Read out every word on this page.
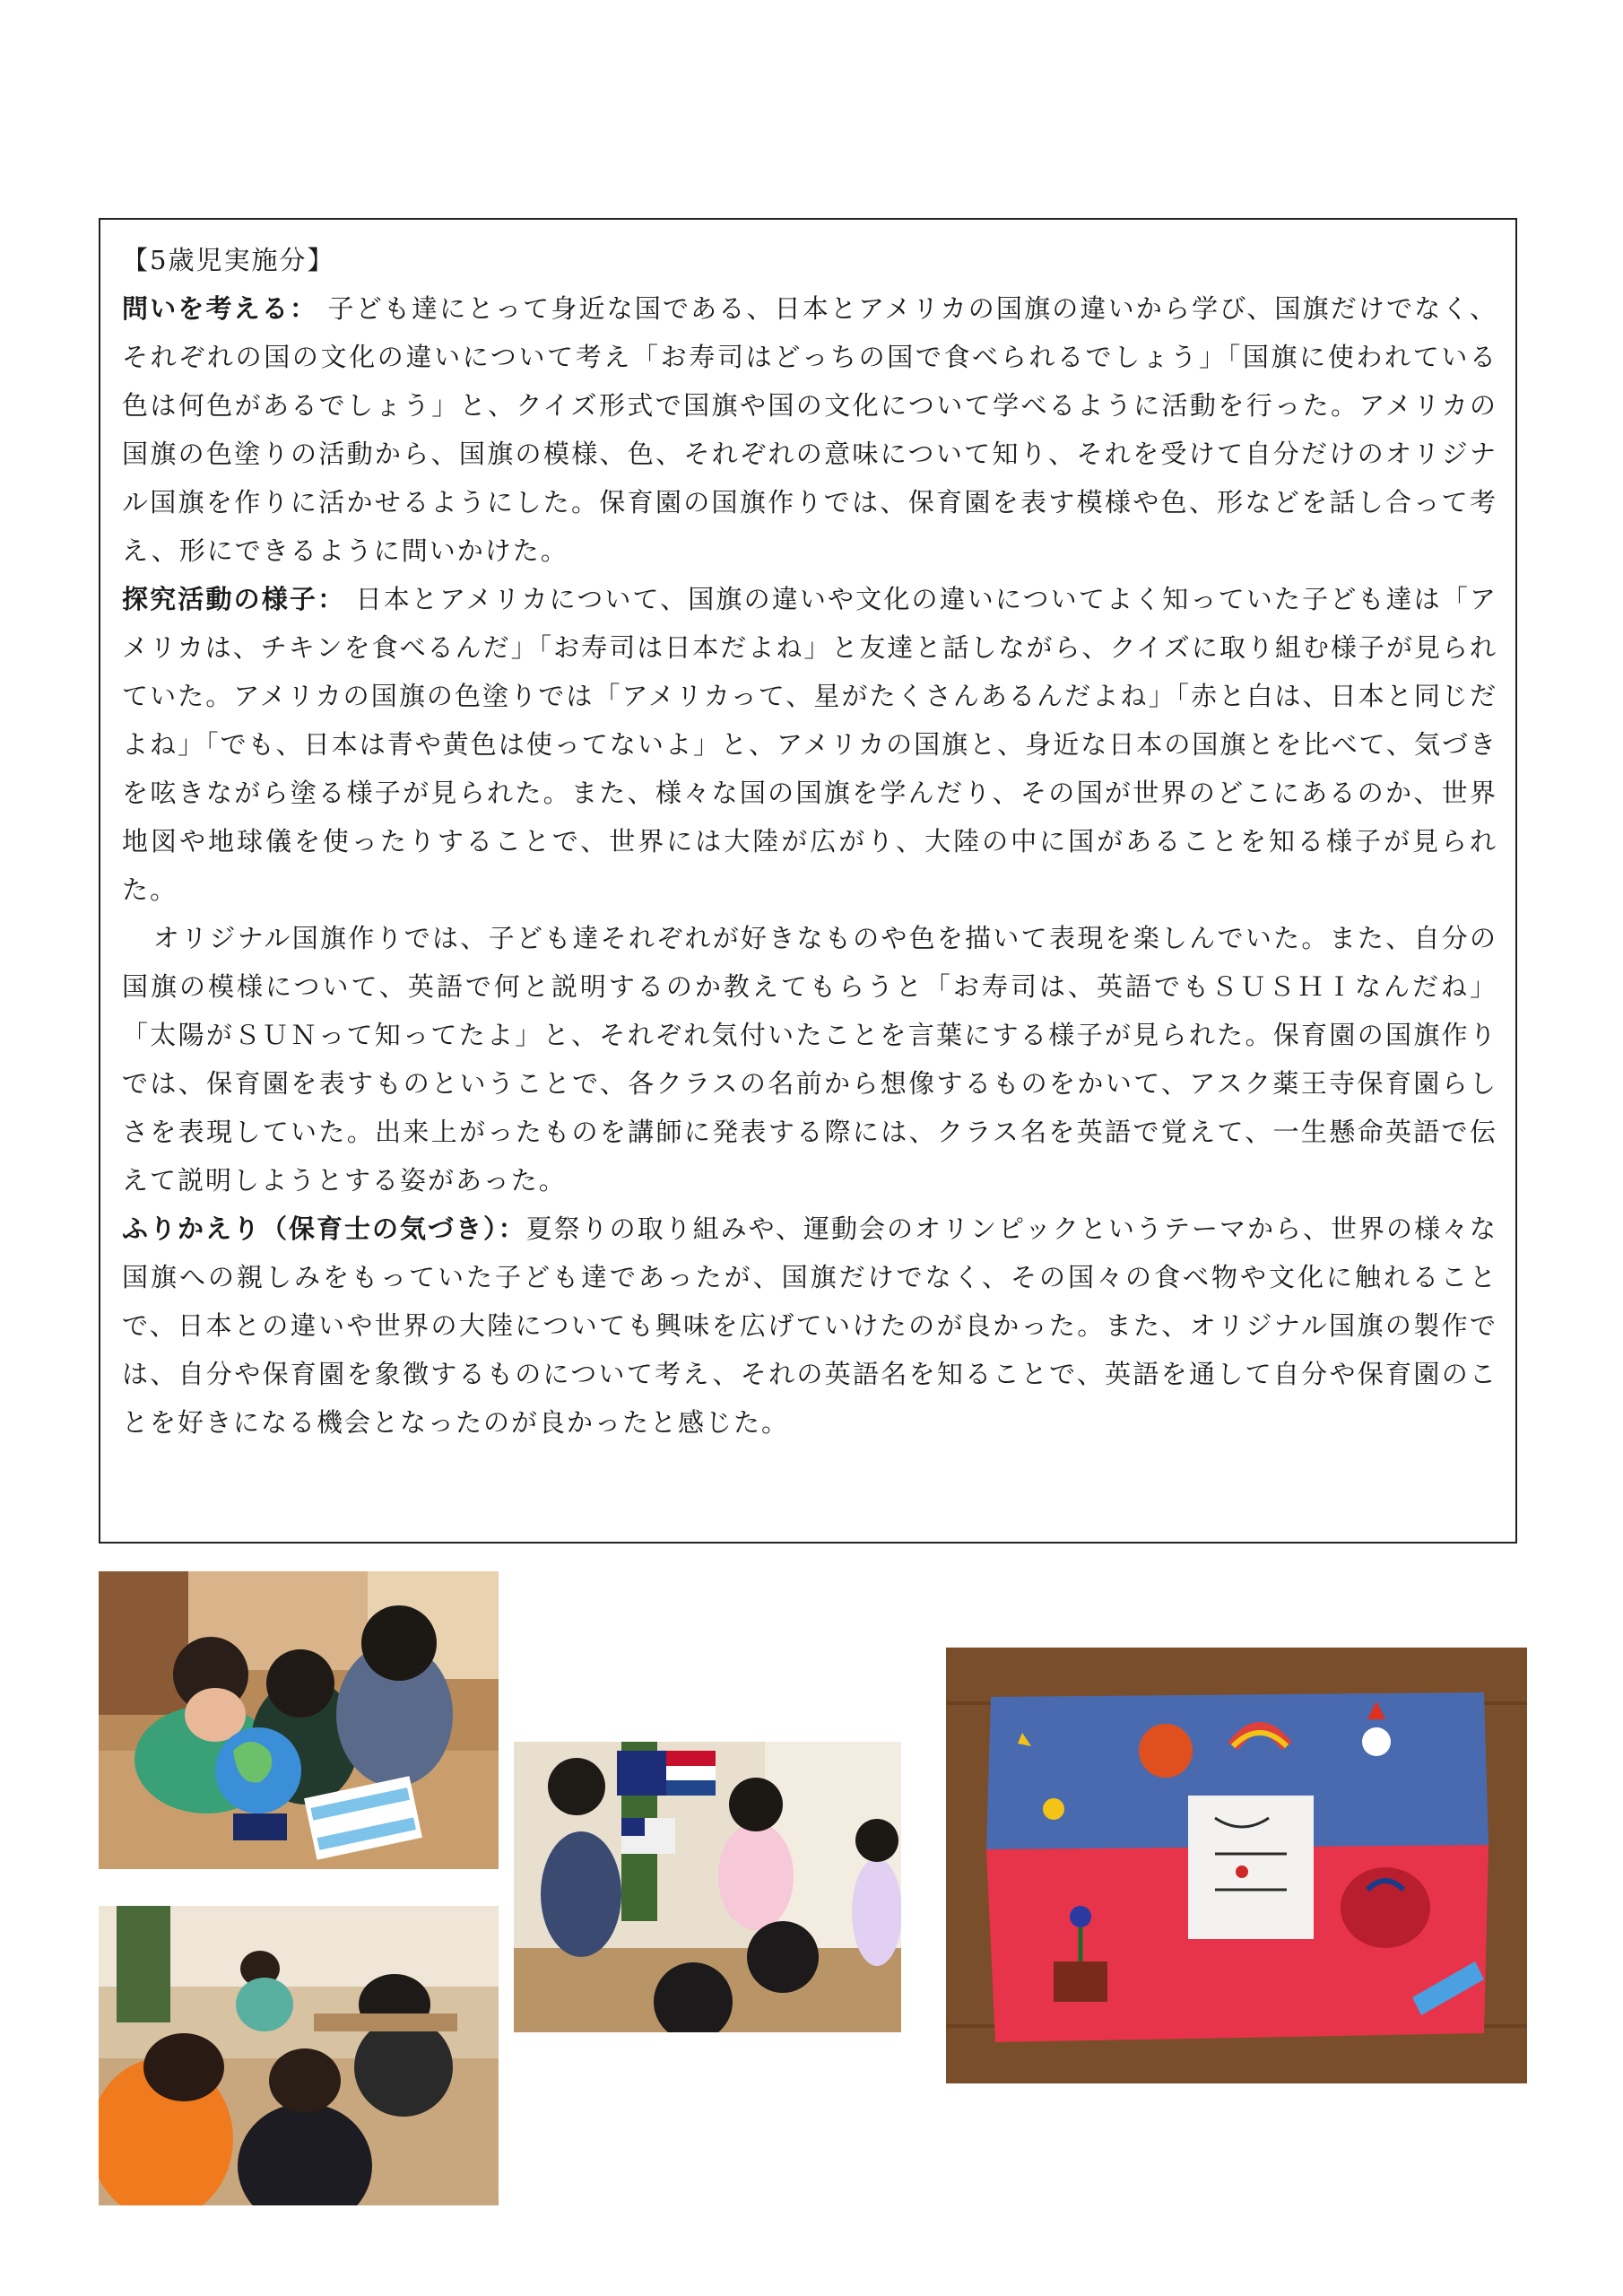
【5歳児実施分】

問いを考える： 子ども達にとって身近な国である、日本とアメリカの国旗の違いから学び、国旗だけでなく、それぞれの国の文化の違いについて考え「お寿司はどっちの国で食べられるでしょう」「国旗に使われている色は何色があるでしょう」と、クイズ形式で国旗や国の文化について学べるように活動を行った。アメリカの国旗の色塗りの活動から、国旗の模様、色、それぞれの意味について知り、それを受けて自分だけのオリジナル国旗を作りに活かせるようにした。保育園の国旗作りでは、保育園を表す模様や色、形などを話し合って考え、形にできるように問いかけた。

探究活動の様子： 日本とアメリカについて、国旗の違いや文化の違いについてよく知っていた子ども達は「アメリカは、チキンを食べるんだ」「お寿司は日本だよね」と友達と話しながら、クイズに取り組む様子が見られていた。アメリカの国旗の色塗りでは「アメリカって、星がたくさんあるんだよね」「赤と白は、日本と同じだよね」「でも、日本は青や黄色は使ってないよ」と、アメリカの国旗と、身近な日本の国旗とを比べて、気づきを呟きながら塗る様子が見られた。また、様々な国の国旗を学んだり、その国が世界のどこにあるのか、世界地図や地球儀を使ったりすることで、世界には大陸が広がり、大陸の中に国があることを知る様子が見られた。

オリジナル国旗作りでは、子ども達それぞれが好きなものや色を描いて表現を楽しんでいた。また、自分の国旗の模様について、英語で何と説明するのか教えてもらうと「お寿司は、英語でもＳＵＳＨＩなんだね」「太陽がＳＵＮって知ってたよ」と、それぞれ気付いたことを言葉にする様子が見られた。保育園の国旗作りでは、保育園を表すものということで、各クラスの名前から想像するものをかいて、アスク薬王寺保育園らしさを表現していた。出来上がったものを講師に発表する際には、クラス名を英語で覚えて、一生懸命英語で伝えて説明しようとする姿があった。

ふりかえり（保育士の気づき）：夏祭りの取り組みや、運動会のオリンピックというテーマから、世界の様々な国旗への親しみをもっていた子ども達であったが、国旗だけでなく、その国々の食べ物や文化に触れることで、日本との違いや世界の大陸についても興味を広げていけたのが良かった。また、オリジナル国旗の製作では、自分や保育園を象徴するものについて考え、それの英語名を知ることで、英語を通して自分や保育園のことを好きになる機会となったのが良かったと感じた。
